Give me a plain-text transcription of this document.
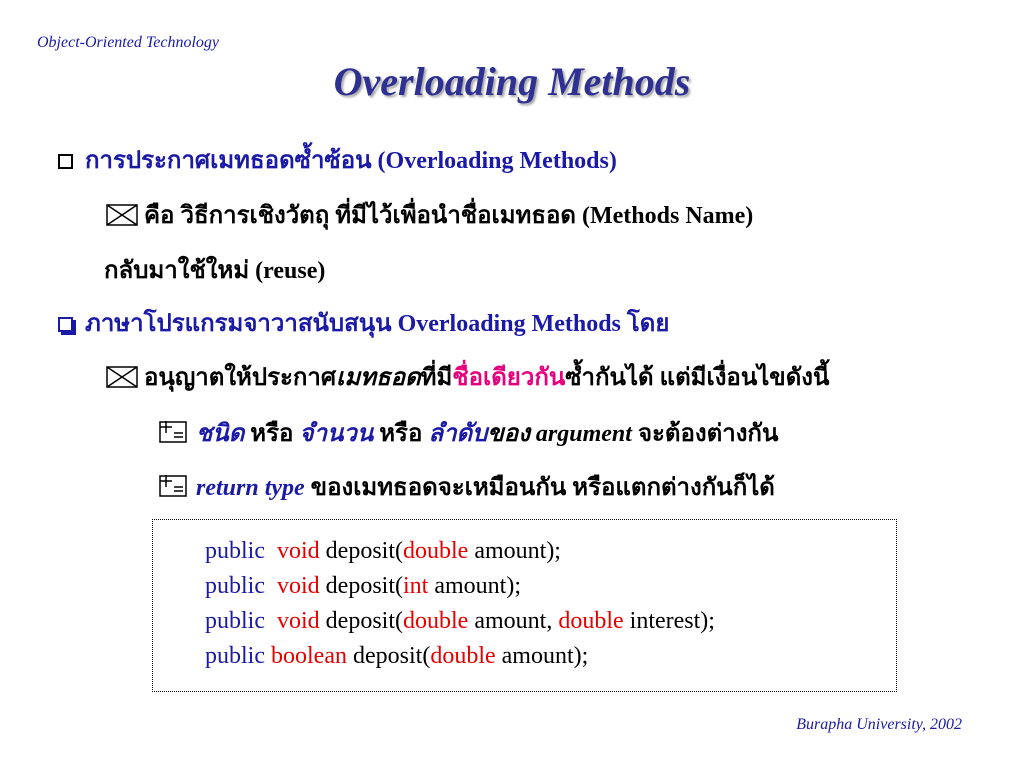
Object-Oriented Technology
Overloading Methods
การประกาศเมทธอดซ้ำซ้อน (Overloading Methods)
คือ วิธีการเชิงวัตถุ ที่มีไว้เพื่อนำชื่อเมทธอด (Methods Name)
กลับมาใช้ใหม่ (reuse)
ภาษาโปรแกรมจาวาสนับสนุน Overloading Methods โดย
อนุญาตให้ประกาศเมทธอดที่มีชื่อเดียวกันซ้ำกันได้ แต่มีเงื่อนไขดังนี้
ชนิด หรือ จำนวน หรือ ลำดับของ argument จะต้องต่างกัน
return type ของเมทธอดจะเหมือนกัน หรือแตกต่างกันก็ได้
public void deposit(double amount);
public void deposit(int amount);
public void deposit(double amount, double interest);
public boolean deposit(double amount);
Burapha University, 2002
